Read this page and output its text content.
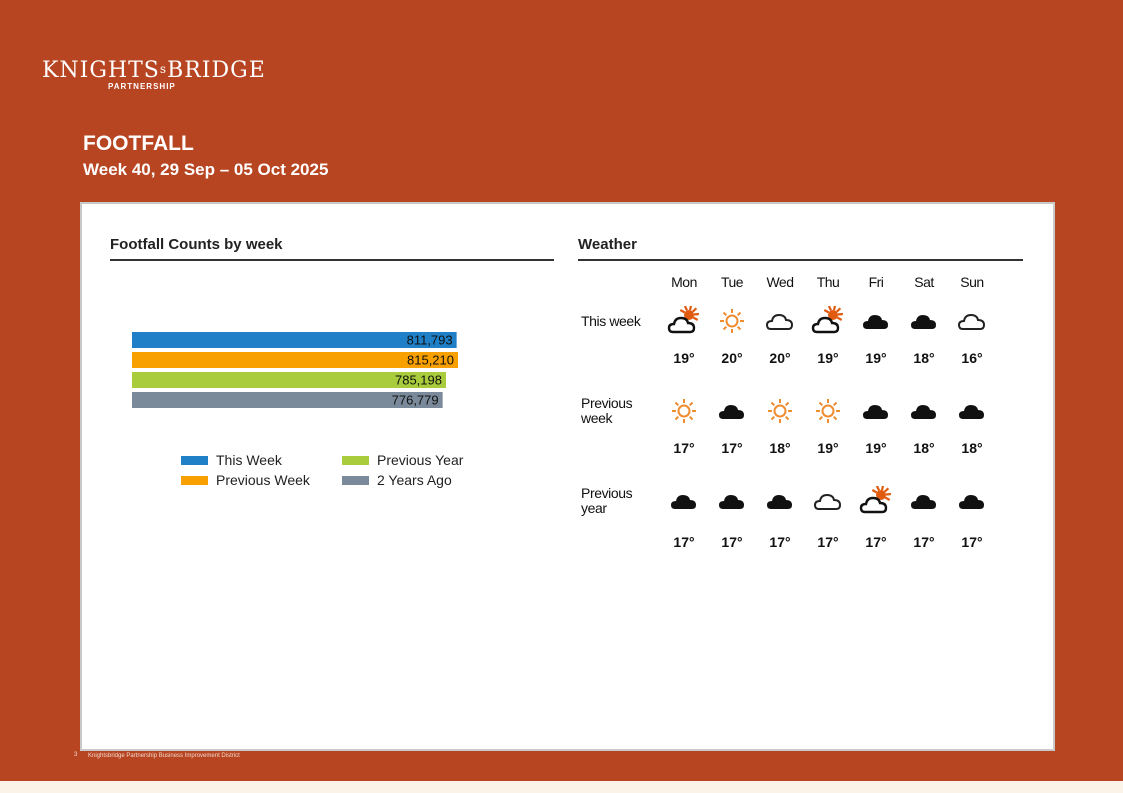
KNIGHTS$^s$BRIDGE
PARTNERSHIP
FOOTFALL
Week 40, 29 Sep – 05 Oct 2025
Footfall Counts by week	Weather
811,793
815,210
785,198
776,779
This Week
Previous Week
Previous Year
2 Years Ago
Mon	Tue	Wed	Thu	Fri	Sat	Sun
This week
19°	20°	20°	19°	19°	18°	16°
Previous week
17°	17°	18°	19°	19°	18°	18°
Previous year
17°	17°	17°	17°	17°	17°	17°
3 Knightsbridge Partnership Business Improvement District
